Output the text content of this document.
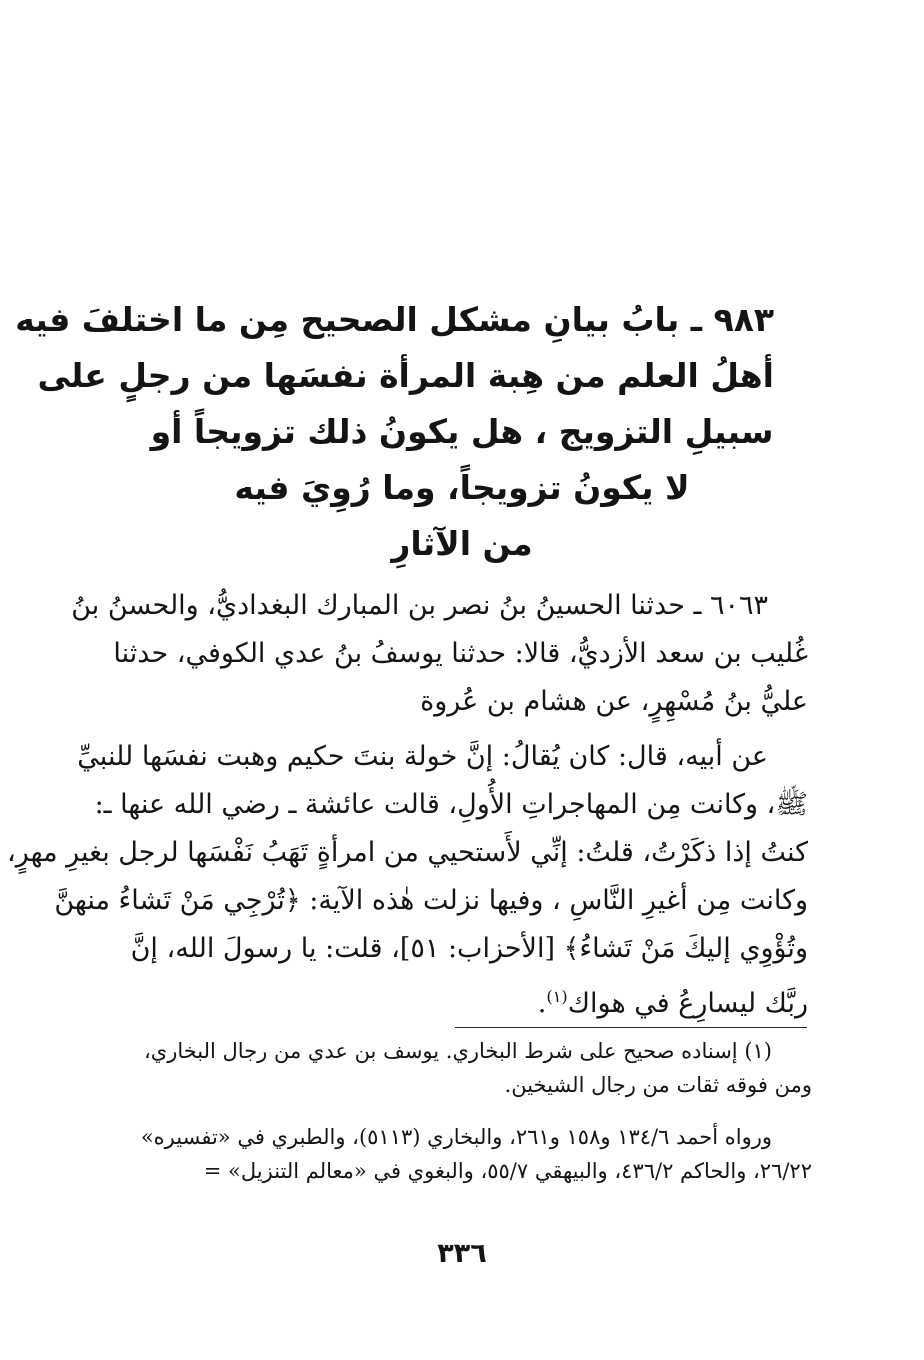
٩٨٣ ـ بابُ بيانِ مشكل الصحيح مِن ما اختلفَ فيه
أهلُ العلم من هِبة المرأة نفسَها من رجلٍ على
سبيلِ التزويج ، هل يكونُ ذلك تزويجاً أو
لا يكونُ تزويجاً، وما رُوِيَ فيه
من الآثارِ
٦٠٦٣ ـ حدثنا الحسينُ بنُ نصر بن المبارك البغداديُّ، والحسنُ بنُ
غُليب بن سعد الأزديُّ، قالا: حدثنا يوسفُ بنُ عدي الكوفي، حدثنا
عليُّ بنُ مُسْهِرٍ، عن هشام بن عُروة
عن أبيه، قال: كان يُقالُ: إنَّ خولة بنتَ حكيم وهبت نفسَها للنبيِّ
ﷺ، وكانت مِن المهاجراتِ الأُولِ، قالت عائشة ـ رضي الله عنها ـ:
كنتُ إذا ذكَرْتُ، قلتُ: إنِّي لأَستحيي من امرأةٍ تَهَبُ نَفْسَها لرجل بغيرِ مهرٍ،
وكانت مِن أغيرِ النَّاسِ ، وفيها نزلت هٰذه الآية: ﴿تُرْجِي مَنْ تَشاءُ منهنَّ
وتُؤْوِي إليكَ مَنْ تَشاءُ﴾ [الأحزاب: ٥١]، قلت: يا رسولَ الله، إنَّ
ربَّك ليسارِعُ في هواك$^{(١)}$.
(١) إسناده صحيح على شرط البخاري. يوسف بن عدي من رجال البخاري،
ومن فوقه ثقات من رجال الشيخين.
ورواه أحمد ١٣٤/٦ و١٥٨ و٢٦١، والبخاري (٥١١٣)، والطبري في «تفسيره»
٢٦/٢٢، والحاكم ٤٣٦/٢، والبيهقي ٥٥/٧، والبغوي في «معالم التنزيل» =
٣٣٦
